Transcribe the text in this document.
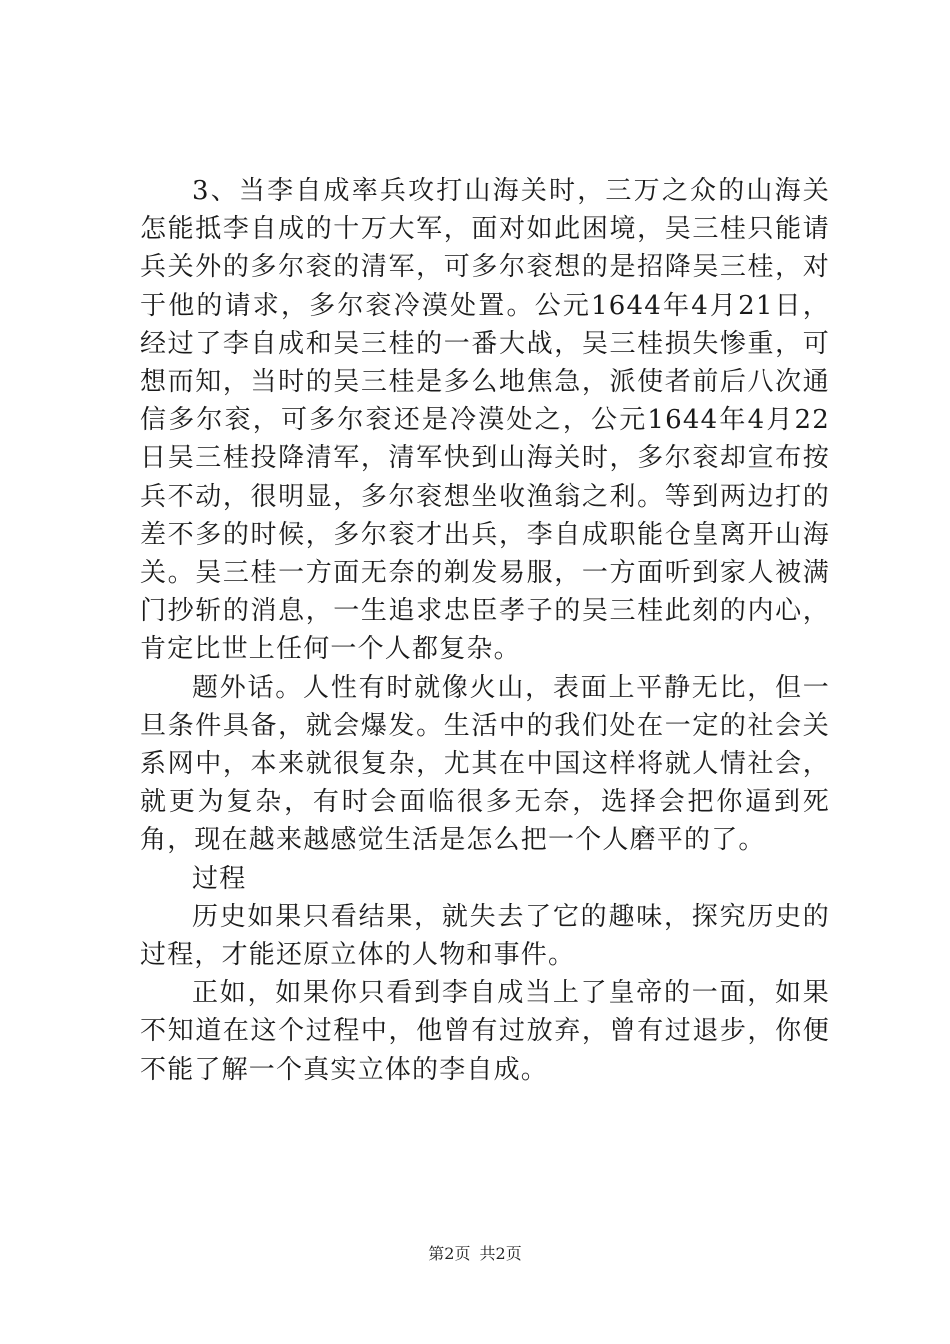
3、当李自成率兵攻打山海关时，三万之众的山海关怎能抵李自成的十万大军，面对如此困境，吴三桂只能请兵关外的多尔衮的清军，可多尔衮想的是招降吴三桂，对于他的请求，多尔衮冷漠处置。公元1644年4月21日，经过了李自成和吴三桂的一番大战，吴三桂损失惨重，可想而知，当时的吴三桂是多么地焦急，派使者前后八次通信多尔衮，可多尔衮还是冷漠处之，公元1644年4月22日吴三桂投降清军，清军快到山海关时，多尔衮却宣布按兵不动，很明显，多尔衮想坐收渔翁之利。等到两边打的差不多的时候，多尔衮才出兵，李自成职能仓皇离开山海关。吴三桂一方面无奈的剃发易服，一方面听到家人被满门抄斩的消息，一生追求忠臣孝子的吴三桂此刻的内心，肯定比世上任何一个人都复杂。

题外话。人性有时就像火山，表面上平静无比，但一旦条件具备，就会爆发。生活中的我们处在一定的社会关系网中，本来就很复杂，尤其在中国这样将就人情社会，就更为复杂，有时会面临很多无奈，选择会把你逼到死角，现在越来越感觉生活是怎么把一个人磨平的了。

过程

历史如果只看结果，就失去了它的趣味，探究历史的过程，才能还原立体的人物和事件。

正如，如果你只看到李自成当上了皇帝的一面，如果不知道在这个过程中，他曾有过放弃，曾有过退步，你便不能了解一个真实立体的李自成。

第2页 共2页
